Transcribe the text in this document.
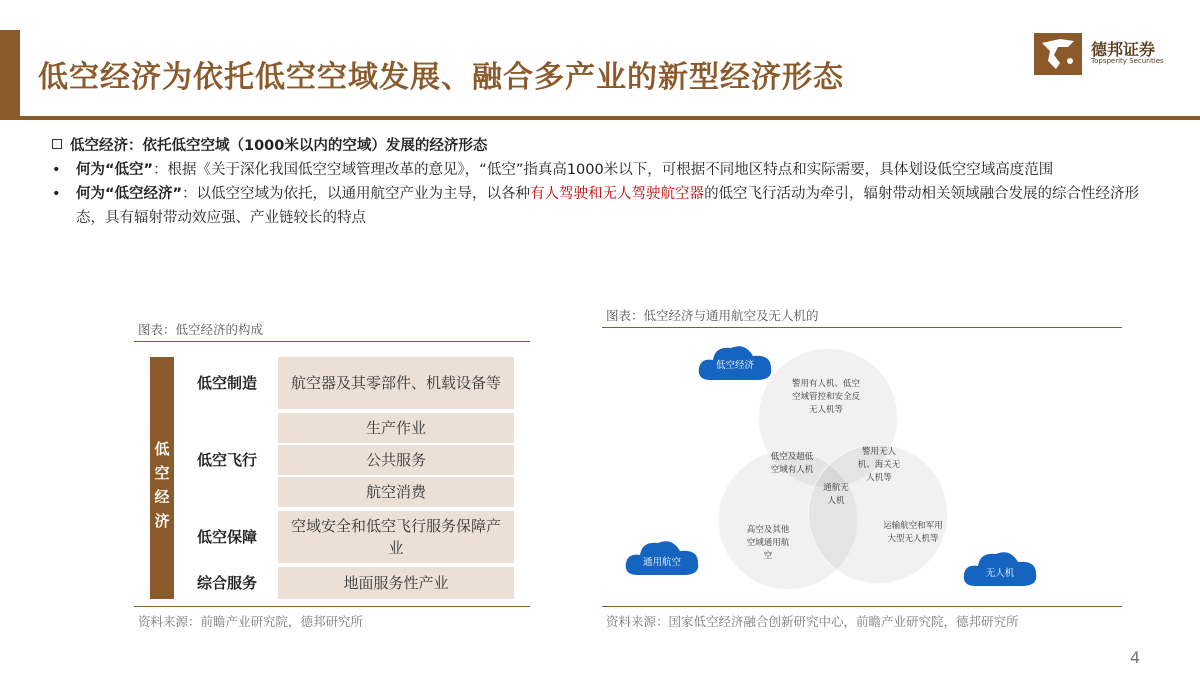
低空经济为依托低空空域发展、融合多产业的新型经济形态
德邦证券
Topsperity Securities
低空经济：依托低空空域（1000米以内的空域）发展的经济形态
• 何为“低空”：根据《关于深化我国低空空域管理改革的意见》，“低空”指真高1000米以下，可根据不同地区特点和实际需要，具体划设低空空域高度范围
• 何为“低空经济”：以低空空域为依托，以通用航空产业为主导，以各种有人驾驶和无人驾驶航空器的低空飞行活动为牵引，辐射带动相关领域融合发展的综合性经济形态，具有辐射带动效应强、产业链较长的特点
图表：低空经济的构成
低空经济
低空制造	航空器及其零部件、机载设备等
低空飞行
生产作业
公共服务
航空消费
低空保障
空域安全和低空飞行服务保障产业
综合服务	地面服务性产业
资料来源：前瞻产业研究院，德邦研究所
图表：低空经济与通用航空及无人机的
警用有人机、低空空域管控和安全反无人机等
低空及超低空域有人机
警用无人机、海关无人机等
通航无人机
高空及其他空域通用航空
运输航空和军用大型无人机等
低空经济
通用航空
无人机
资料来源：国家低空经济融合创新研究中心，前瞻产业研究院，德邦研究所
4
